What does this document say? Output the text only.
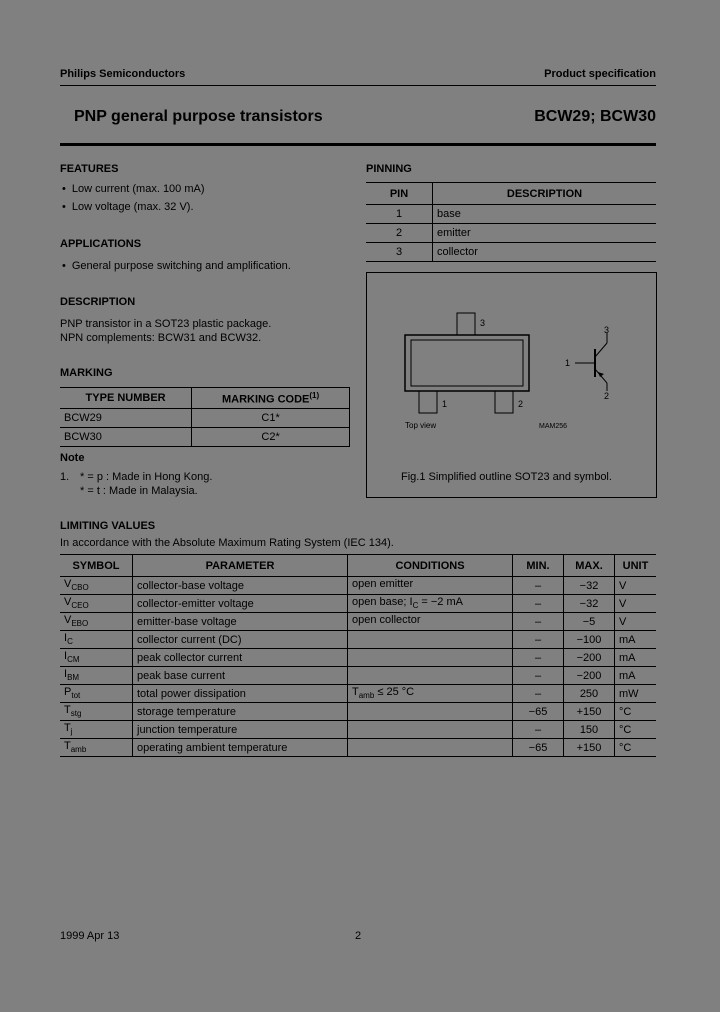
Philips Semiconductors	Product specification
PNP general purpose transistors	BCW29; BCW30
FEATURES
• Low current (max. 100 mA)
• Low voltage (max. 32 V).
APPLICATIONS
• General purpose switching and amplification.
DESCRIPTION
PNP transistor in a SOT23 plastic package.
NPN complements: BCW31 and BCW32.
MARKING
TYPE NUMBER	MARKING CODE$^{(1)}$
BCW29	C1*
BCW30	C2*
Note
1. * = p : Made in Hong Kong.
* = t : Made in Malaysia.
PINNING
PIN	DESCRIPTION
1	base
2	emitter
3	collector
3
1	2
1
2
3
Top view	MAM256
Fig.1 Simplified outline SOT23 and symbol.
LIMITING VALUES
In accordance with the Absolute Maximum Rating System (IEC 134).
SYMBOL	PARAMETER	CONDITIONS	MIN.	MAX.	UNIT
$V_{CBO}$	collector-base voltage	open emitter	–	−32	V
$V_{CEO}$	collector-emitter voltage	open base; $I_C = -2$ mA	–	−32	V
$V_{EBO}$	emitter-base voltage	open collector	–	−5	V
$I_C$	collector current (DC)		–	−100	mA
$I_{CM}$	peak collector current		–	−200	mA
$I_{BM}$	peak base current		–	−200	mA
$P_{tot}$	total power dissipation	$T_{amb} \le 25$ °C	–	250	mW
$T_{stg}$	storage temperature		−65	+150	°C
$T_j$	junction temperature		–	150	°C
$T_{amb}$	operating ambient temperature		−65	+150	°C
1999 Apr 13	2
